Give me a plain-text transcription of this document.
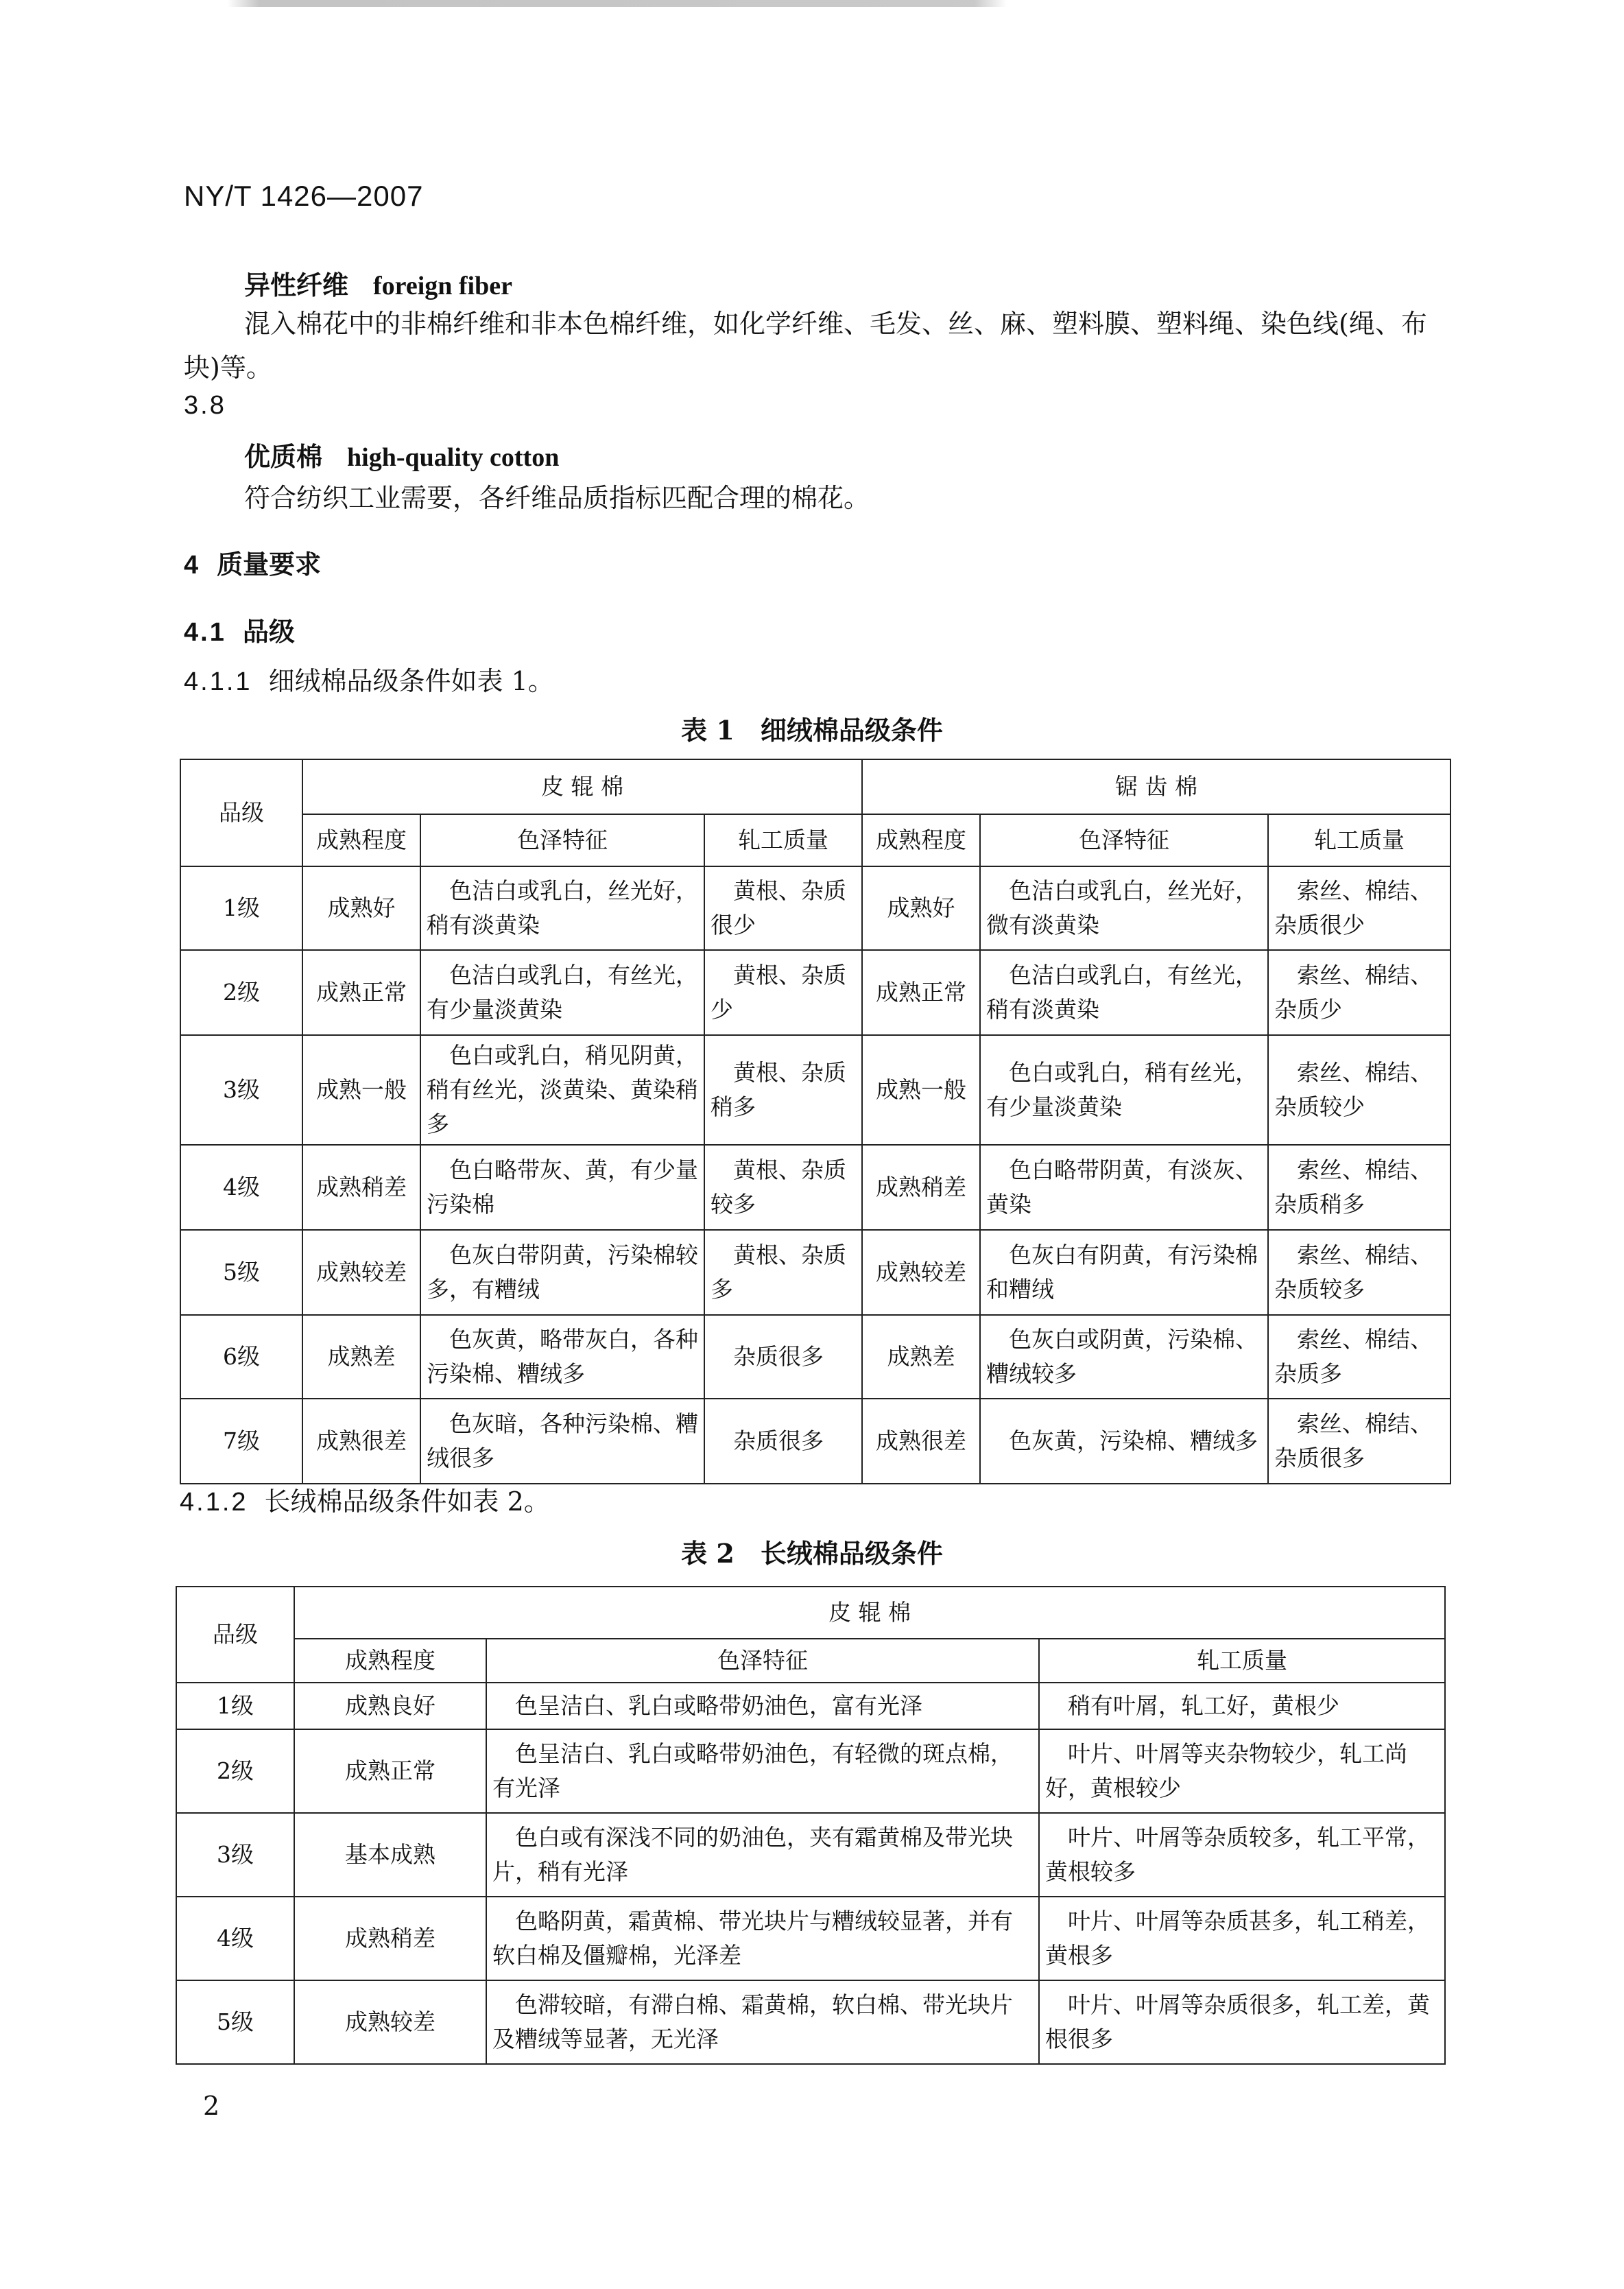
NY/T 1426—2007
异性纤维 foreign fiber
混入棉花中的非棉纤维和非本色棉纤维，如化学纤维、毛发、丝、麻、塑料膜、塑料绳、染色线(绳、布块)等。
3.8
优质棉 high-quality cotton
符合纺织工业需要，各纤维品质指标匹配合理的棉花。
4 质量要求
4.1 品级
4.1.1 细绒棉品级条件如表 1。
表 1　细绒棉品级条件
品级	皮 辊 棉			锯 齿 棉		
	成熟程度	色泽特征	轧工质量	成熟程度	色泽特征	轧工质量
1级	成熟好	色洁白或乳白，丝光好，稍有淡黄染	黄根、杂质很少	成熟好	色洁白或乳白，丝光好，微有淡黄染	索丝、棉结、杂质很少
2级	成熟正常	色洁白或乳白，有丝光，有少量淡黄染	黄根、杂质少	成熟正常	色洁白或乳白，有丝光，稍有淡黄染	索丝、棉结、杂质少
3级	成熟一般	色白或乳白，稍见阴黄，稍有丝光，淡黄染、黄染稍多	黄根、杂质稍多	成熟一般	色白或乳白，稍有丝光，有少量淡黄染	索丝、棉结、杂质较少
4级	成熟稍差	色白略带灰、黄，有少量污染棉	黄根、杂质较多	成熟稍差	色白略带阴黄，有淡灰、黄染	索丝、棉结、杂质稍多
5级	成熟较差	色灰白带阴黄，污染棉较多，有糟绒	黄根、杂质多	成熟较差	色灰白有阴黄，有污染棉和糟绒	索丝、棉结、杂质较多
6级	成熟差	色灰黄，略带灰白，各种污染棉、糟绒多	杂质很多	成熟差	色灰白或阴黄，污染棉、糟绒较多	索丝、棉结、杂质多
7级	成熟很差	色灰暗，各种污染棉、糟绒很多	杂质很多	成熟很差	色灰黄，污染棉、糟绒多	索丝、棉结、杂质很多
4.1.2 长绒棉品级条件如表 2。
表 2　长绒棉品级条件
品级	皮 辊 棉		
	成熟程度	色泽特征	轧工质量
1级	成熟良好	色呈洁白、乳白或略带奶油色，富有光泽	稍有叶屑，轧工好，黄根少
2级	成熟正常	色呈洁白、乳白或略带奶油色，有轻微的斑点棉，有光泽	叶片、叶屑等夹杂物较少，轧工尚好，黄根较少
3级	基本成熟	色白或有深浅不同的奶油色，夹有霜黄棉及带光块片，稍有光泽	叶片、叶屑等杂质较多，轧工平常，黄根较多
4级	成熟稍差	色略阴黄，霜黄棉、带光块片与糟绒较显著，并有软白棉及僵瓣棉，光泽差	叶片、叶屑等杂质甚多，轧工稍差，黄根多
5级	成熟较差	色滞较暗，有滞白棉、霜黄棉，软白棉、带光块片及糟绒等显著，无光泽	叶片、叶屑等杂质很多，轧工差，黄根很多
2
